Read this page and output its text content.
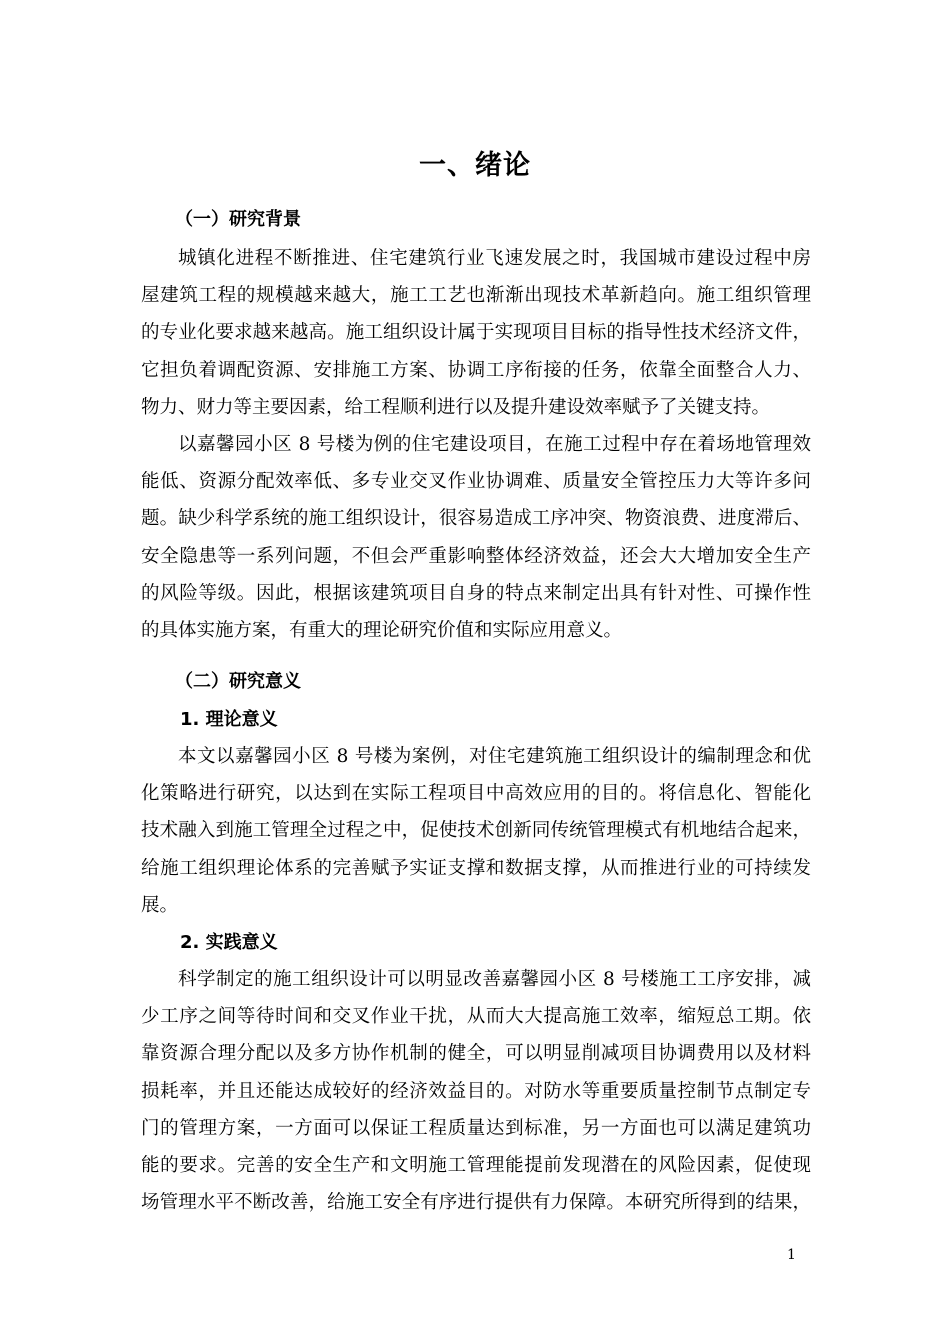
一、绪论
（一）研究背景
城镇化进程不断推进、住宅建筑行业飞速发展之时，我国城市建设过程中房
屋建筑工程的规模越来越大，施工工艺也渐渐出现技术革新趋向。施工组织管理
的专业化要求越来越高。施工组织设计属于实现项目目标的指导性技术经济文件，
它担负着调配资源、安排施工方案、协调工序衔接的任务，依靠全面整合人力、
物力、财力等主要因素，给工程顺利进行以及提升建设效率赋予了关键支持。
以嘉馨园小区 8 号楼为例的住宅建设项目，在施工过程中存在着场地管理效
能低、资源分配效率低、多专业交叉作业协调难、质量安全管控压力大等许多问
题。缺少科学系统的施工组织设计，很容易造成工序冲突、物资浪费、进度滞后、
安全隐患等一系列问题，不但会严重影响整体经济效益，还会大大增加安全生产
的风险等级。因此，根据该建筑项目自身的特点来制定出具有针对性、可操作性
的具体实施方案，有重大的理论研究价值和实际应用意义。
（二）研究意义
1. 理论意义
本文以嘉馨园小区 8 号楼为案例，对住宅建筑施工组织设计的编制理念和优
化策略进行研究，以达到在实际工程项目中高效应用的目的。将信息化、智能化
技术融入到施工管理全过程之中，促使技术创新同传统管理模式有机地结合起来，
给施工组织理论体系的完善赋予实证支撑和数据支撑，从而推进行业的可持续发
展。
2. 实践意义
科学制定的施工组织设计可以明显改善嘉馨园小区 8 号楼施工工序安排，减
少工序之间等待时间和交叉作业干扰，从而大大提高施工效率，缩短总工期。依
靠资源合理分配以及多方协作机制的健全，可以明显削减项目协调费用以及材料
损耗率，并且还能达成较好的经济效益目的。对防水等重要质量控制节点制定专
门的管理方案，一方面可以保证工程质量达到标准，另一方面也可以满足建筑功
能的要求。完善的安全生产和文明施工管理能提前发现潜在的风险因素，促使现
场管理水平不断改善，给施工安全有序进行提供有力保障。本研究所得到的结果，
1
